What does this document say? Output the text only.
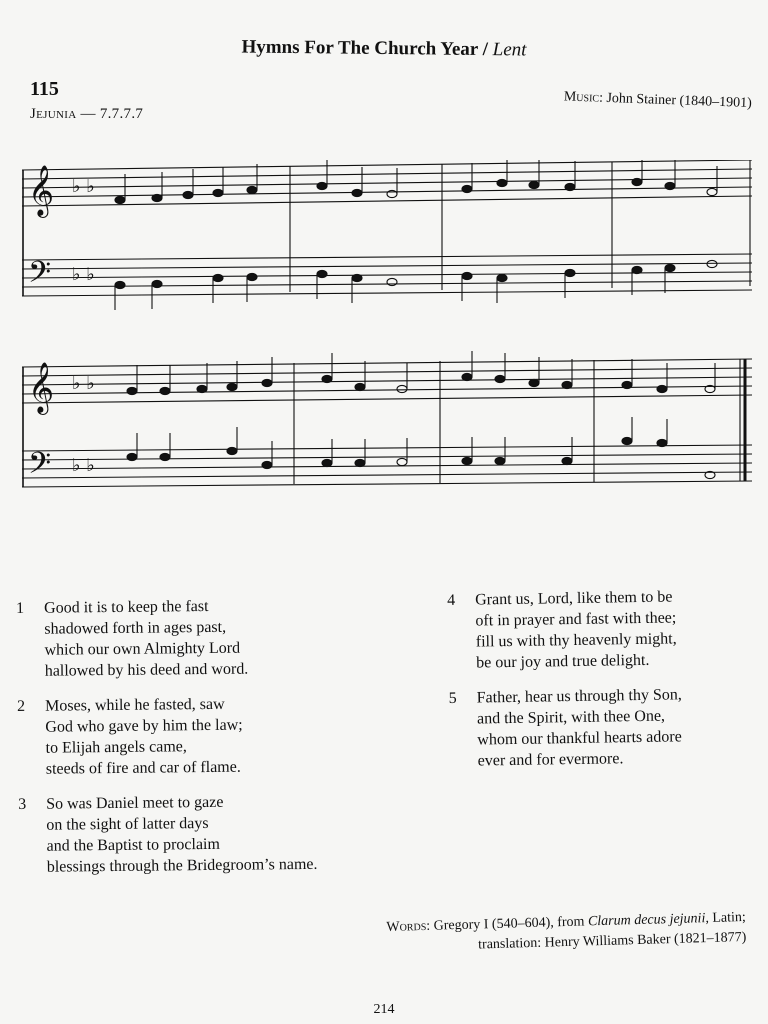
Hymns For The Church Year / Lent
115
Jejunia — 7.7.7.7
Music: John Stainer (1840–1901)
𝄞
𝄢
♭ ♭
♭ ♭
𝄞
𝄢
♭ ♭
♭ ♭
1 Good it is to keep the fast
shadowed forth in ages past,
which our own Almighty Lord
hallowed by his deed and word.
2 Moses, while he fasted, saw
God who gave by him the law;
to Elijah angels came,
steeds of fire and car of flame.
3 So was Daniel meet to gaze
on the sight of latter days
and the Baptist to proclaim
blessings through the Bridegroom’s name.
4 Grant us, Lord, like them to be
oft in prayer and fast with thee;
fill us with thy heavenly might,
be our joy and true delight.
5 Father, hear us through thy Son,
and the Spirit, with thee One,
whom our thankful hearts adore
ever and for evermore.
Words: Gregory I (540–604), from Clarum decus jejunii, Latin;
translation: Henry Williams Baker (1821–1877)
214
